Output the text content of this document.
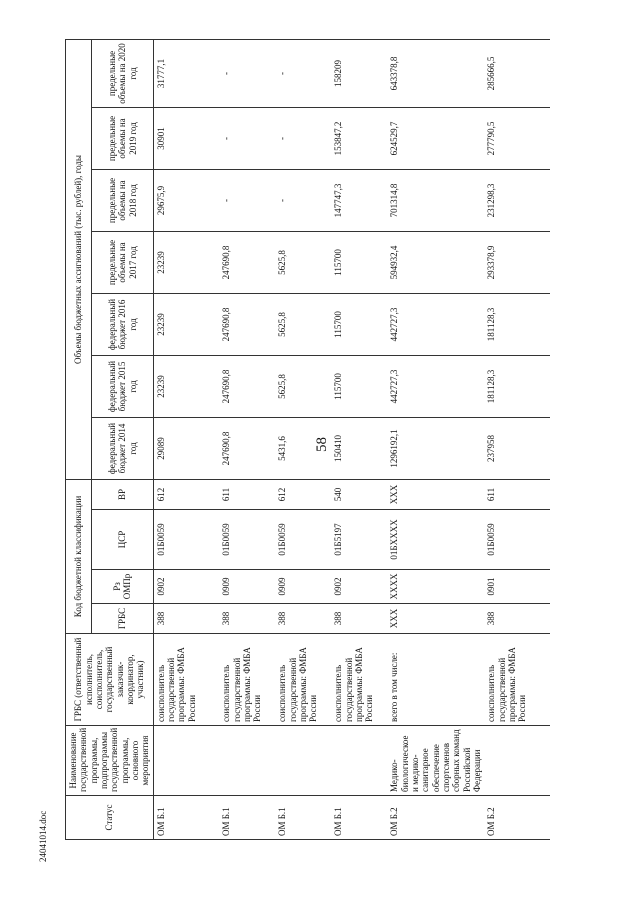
58
24041014.doc	Статус	Наименование государственной программы, подпрограммы государственной программы, основного мероприятия	ГРБС (ответственный исполнитель, соисполнитель, государственный заказчик-координатор, участник)	Код бюджетной классификации				Объемы бюджетных ассигнований (тыс. рублей), годы						
			ГРБС	Рз ОМПр	ЦСР	ВР	федеральный бюджет 2014 год	федеральный бюджет 2015 год	федеральный бюджет 2016 год	предельные объемы на 2017 год	предельные объемы на 2018 год	предельные объемы на 2019 год	предельные объемы на 2020 год
ОМ Б.1		соисполнитель государственной программы: ФМБА России	388	0902	01Б0059	612	29089	23239	23239	23239	29675,9	30901	31777,1
ОМ Б.1		соисполнитель государственной программы: ФМБА России	388	0909	01Б0059	611	247690,8	247690,8	247690,8	247690,8	-	-	-
ОМ Б.1		соисполнитель государственной программы: ФМБА России	388	0909	01Б0059	612	5431,6	5625,8	5625,8	5625,8	-	-	-
ОМ Б.1		соисполнитель государственной программы: ФМБА России	388	0902	01Б5197	540	150410	115700	115700	115700	147747,3	153847,2	158209
ОМ Б.2	Медико-биологическое и медико-санитарное обеспечение спортсменов сборных команд Российской Федерации	всего в том числе:	XXX	XXXX	01БXXXX	XXX	1296192,1	442727,3	442727,3	594932,4	701314,8	624529,7	643378,8
ОМ Б.2		соисполнитель государственной программы: ФМБА России	388	0901	01Б0059	611	237958	181128,3	181128,3	293378,9	231298,3	277790,5	285666,5
